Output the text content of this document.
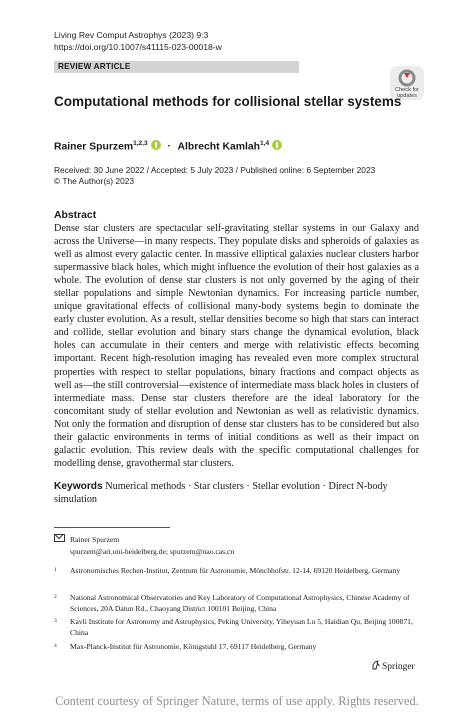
Living Rev Comput Astrophys (2023) 9:3
https://doi.org/10.1007/s41115-023-00018-w
REVIEW ARTICLE
Check for
updates
Computational methods for collisional stellar systems
Rainer Spurzem$^{1,2,3}$ · Albrecht Kamlah$^{1,4}$
Received: 30 June 2022 / Accepted: 5 July 2023 / Published online: 6 September 2023
© The Author(s) 2023
Abstract
Dense star clusters are spectacular self-gravitating stellar systems in our Galaxy and across the Universe—in many respects. They populate disks and spheroids of galaxies as well as almost every galactic center. In massive elliptical galaxies nuclear clusters harbor supermassive black holes, which might influence the evolution of their host galaxies as a whole. The evolution of dense star clusters is not only governed by the aging of their stellar populations and simple Newtonian dynamics. For increasing particle number, unique gravitational effects of collisional many-body systems begin to dominate the early cluster evolution. As a result, stellar densities become so high that stars can interact and collide, stellar evolution and binary stars change the dynamical evolution, black holes can accumulate in their centers and merge with relativistic effects becoming important. Recent high-resolution imaging has revealed even more complex structural properties with respect to stellar populations, binary fractions and compact objects as well as—the still controversial—existence of intermediate mass black holes in clusters of intermediate mass. Dense star clusters therefore are the ideal laboratory for the concomitant study of stellar evolution and Newtonian as well as relativistic dynamics. Not only the formation and disruption of dense star clusters has to be considered but also their galactic environments in terms of initial conditions as well as their impact on galactic evolution. This review deals with the specific computational challenges for modelling dense, gravothermal star clusters.
Keywords Numerical methods · Star clusters · Stellar evolution · Direct N-body simulation
Rainer Spurzem
spurzem@ari.uni-heidelberg.de; spurzem@nao.cas.cn
1 Astronomisches Rechen-Institut, Zentrum für Astronomie, Mönchhofstr. 12-14, 69120 Heidelberg, Germany
2 National Astronomical Observatories and Key Laboratory of Computational Astrophysics, Chinese Academy of Sciences, 20A Datun Rd., Chaoyang District 100101 Beijing, China
3 Kavli Institute for Astronomy and Astrophysics, Peking University, Yiheyuan Lu 5, Haidian Qu, Beijing 100871, China
4 Max-Planck-Institut für Astronomie, Königstuhl 17, 69117 Heidelberg, Germany
Springer
Content courtesy of Springer Nature, terms of use apply. Rights reserved.
